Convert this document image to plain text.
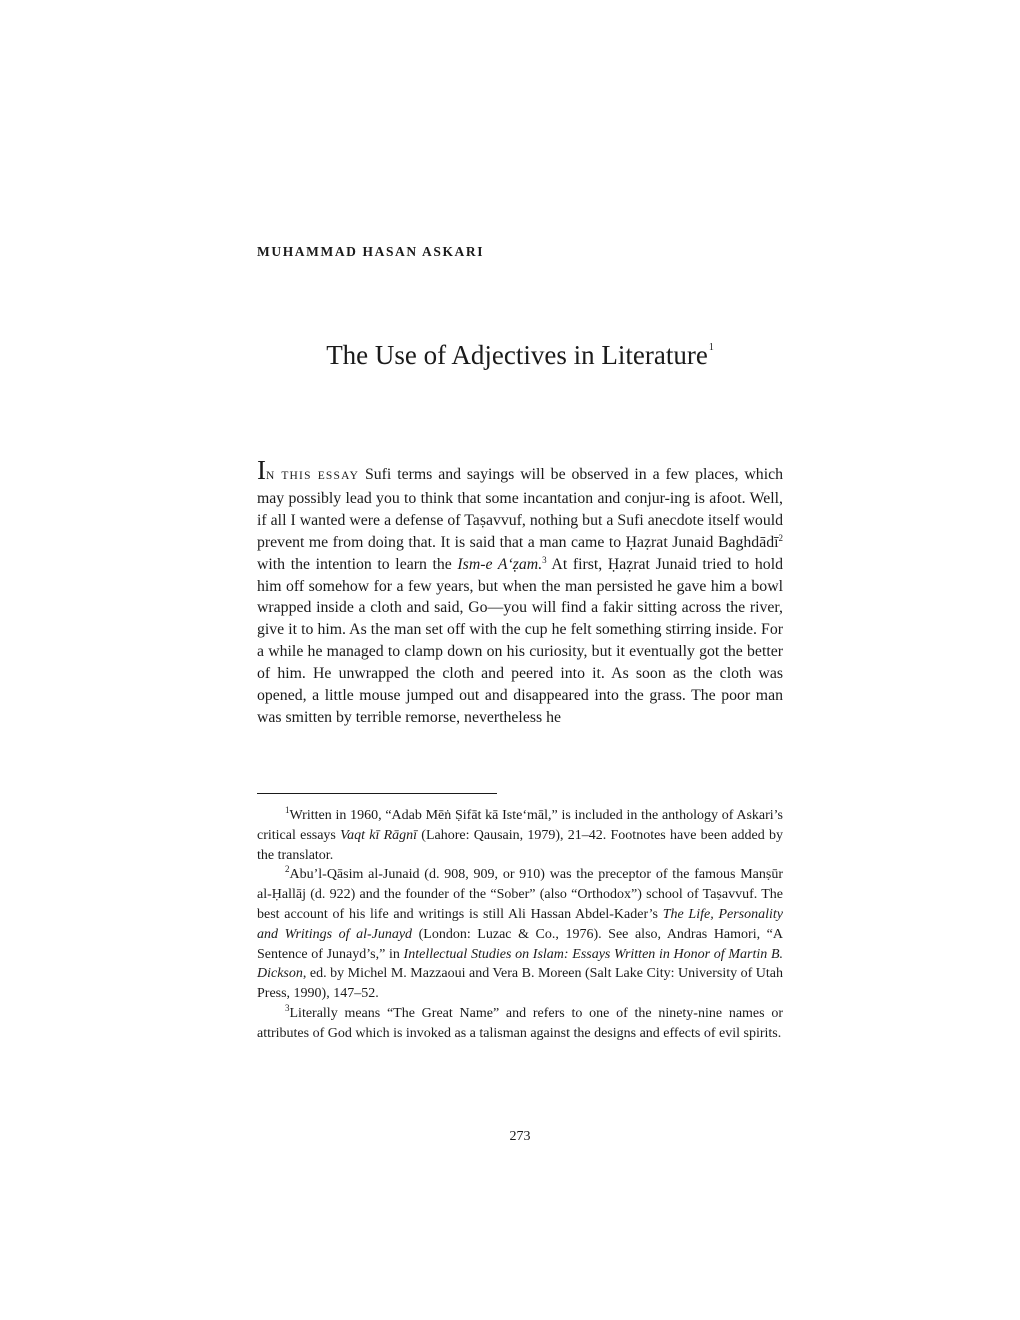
MUHAMMAD HASAN ASKARI
The Use of Adjectives in Literature$^1$

IN THIS ESSAY Sufi terms and sayings will be observed in a few places, which may possibly lead you to think that some incantation and conjur-ing is afoot. Well, if all I wanted were a defense of Taṣavvuf, nothing but a Sufi anecdote itself would prevent me from doing that. It is said that a man came to Ḥaẓrat Junaid Baghdādī$^2$ with the intention to learn the Ism-e A‘ẓam.$^3$ At first, Ḥaẓrat Junaid tried to hold him off somehow for a few years, but when the man persisted he gave him a bowl wrapped inside a cloth and said, Go—you will find a fakir sitting across the river, give it to him. As the man set off with the cup he felt something stirring inside. For a while he managed to clamp down on his curiosity, but it eventually got the better of him. He unwrapped the cloth and peered into it. As soon as the cloth was opened, a little mouse jumped out and disappeared into the grass. The poor man was smitten by terrible remorse, nevertheless he

$^1$Written in 1960, “Adab Mēṅ Ṣifāt kā Iste‘māl,” is included in the anthology of Askari’s critical essays Vaqt kī Rāgnī (Lahore: Qausain, 1979), 21–42. Footnotes have been added by the translator.

$^2$Abu’l-Qāsim al-Junaid (d. 908, 909, or 910) was the preceptor of the famous Manṣūr al-Ḥallāj (d. 922) and the founder of the “Sober” (also “Orthodox”) school of Taṣavvuf. The best account of his life and writings is still Ali Hassan Abdel-Kader’s The Life, Personality and Writings of al-Junayd (London: Luzac & Co., 1976). See also, Andras Hamori, “A Sentence of Junayd’s,” in Intellectual Studies on Islam: Essays Written in Honor of Martin B. Dickson, ed. by Michel M. Mazzaoui and Vera B. Moreen (Salt Lake City: University of Utah Press, 1990), 147–52.

$^3$Literally means “The Great Name” and refers to one of the ninety-nine names or attributes of God which is invoked as a talisman against the designs and effects of evil spirits.

273
